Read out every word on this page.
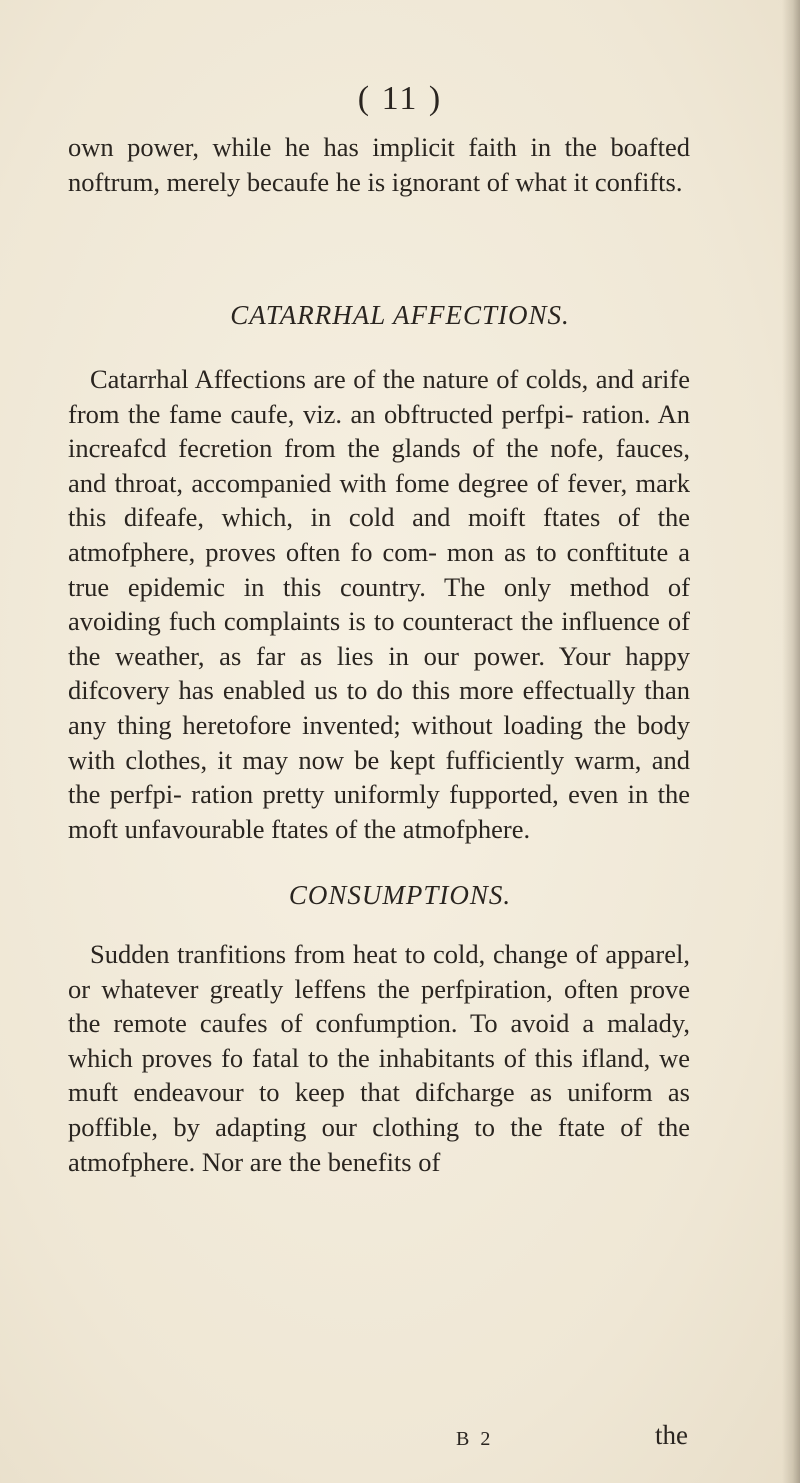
( 11 )

own power, while he has implicit faith in the boafted noftrum, merely becaufe he is ignorant of what it confifts.

CATARRHAL AFFECTIONS.

Catarrhal Affections are of the nature of colds, and arife from the fame caufe, viz. an obftructed perfpi- ration. An increafcd fecretion from the glands of the nofe, fauces, and throat, accompanied with fome degree of fever, mark this difeafe, which, in cold and moift ftates of the atmofphere, proves often fo com- mon as to conftitute a true epidemic in this country. The only method of avoiding fuch complaints is to counteract the influence of the weather, as far as lies in our power. Your happy difcovery has enabled us to do this more effectually than any thing heretofore invented; without loading the body with clothes, it may now be kept fufficiently warm, and the perfpi- ration pretty uniformly fupported, even in the moft unfavourable ftates of the atmofphere.

CONSUMPTIONS.

Sudden tranfitions from heat to cold, change of apparel, or whatever greatly leffens the perfpiration, often prove the remote caufes of confumption. To avoid a malady, which proves fo fatal to the inhabitants of this ifland, we muft endeavour to keep that difcharge as uniform as poffible, by adapting our clothing to the ftate of the atmofphere. Nor are the benefits of

B 2	the
